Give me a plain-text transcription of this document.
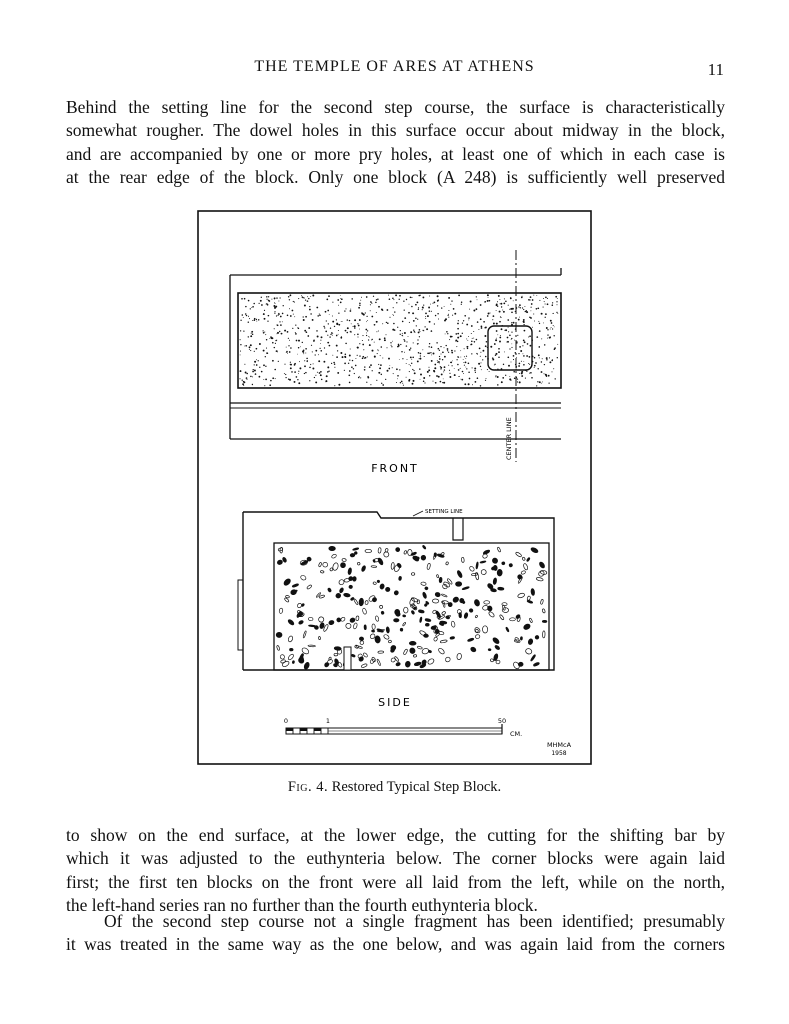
THE TEMPLE OF ARES AT ATHENS	11
Behind the setting line for the second step course, the surface is characteristically
somewhat rougher. The dowel holes in this surface occur about midway in the block,
and are accompanied by one or more pry holes, at least one of which in each case is
at the rear edge of the block. Only one block (A 248) is sufficiently well preserved
CENTER LINE
FRONT
SETTING LINE
SIDE
0	1	50
CM.
MHMcA
1958
Fig. 4. Restored Typical Step Block.
to show on the end surface, at the lower edge, the cutting for the shifting bar by
which it was adjusted to the euthynteria below. The corner blocks were again laid
first; the first ten blocks on the front were all laid from the left, while on the north,
the left-hand series ran no further than the fourth euthynteria block.
Of the second step course not a single fragment has been identified; presumably
it was treated in the same way as the one below, and was again laid from the corners
